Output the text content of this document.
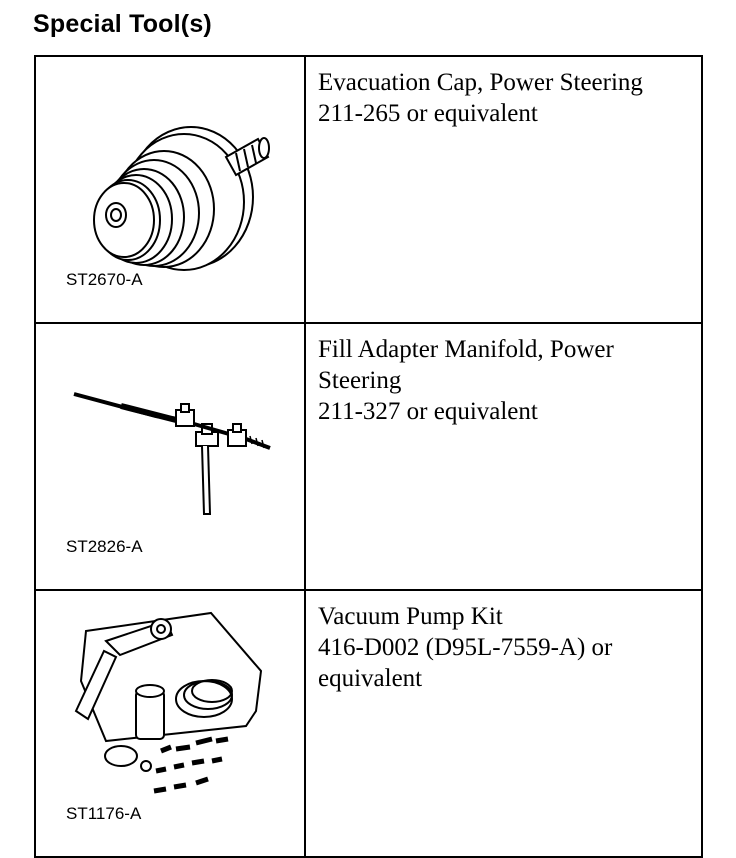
Special Tool(s)
ST2670-A	Evacuation Cap, Power Steering
211-265 or equivalent

ST2826-A	Fill Adapter Manifold, Power Steering
211-327 or equivalent

ST1176-A	Vacuum Pump Kit
416-D002 (D95L-7559-A) or equivalent
